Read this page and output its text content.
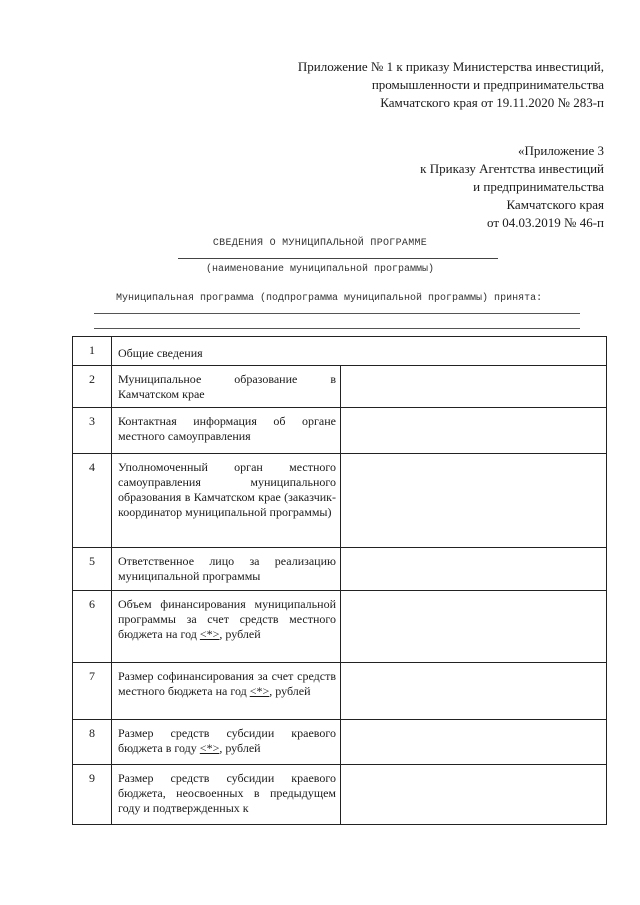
Приложение № 1 к приказу Министерства инвестиций,
промышленности и предпринимательства
Камчатского края от 19.11.2020 № 283-п
«Приложение 3
к Приказу Агентства инвестиций
и предпринимательства
Камчатского края
от 04.03.2019 № 46-п
СВЕДЕНИЯ О МУНИЦИПАЛЬНОЙ ПРОГРАММЕ
(наименование муниципальной программы)
Муниципальная программа (подпрограмма муниципальной программы) принята:
1	Общие сведения	
2	Муниципальное образование в Камчатском крае	
3	Контактная информация об органе местного самоуправления	
4	Уполномоченный орган местного самоуправления муниципального образования в Камчатском крае (заказчик-координатор муниципальной программы)	
5	Ответственное лицо за реализацию муниципальной программы	
6	Объем финансирования муниципальной программы за счет средств местного бюджета на год <*>, рублей	
7	Размер софинансирования за счет средств местного бюджета на год <*>, рублей	
8	Размер средств субсидии краевого бюджета в году <*>, рублей	
9	Размер средств субсидии краевого бюджета, неосвоенных в предыдущем году и подтвержденных к	
